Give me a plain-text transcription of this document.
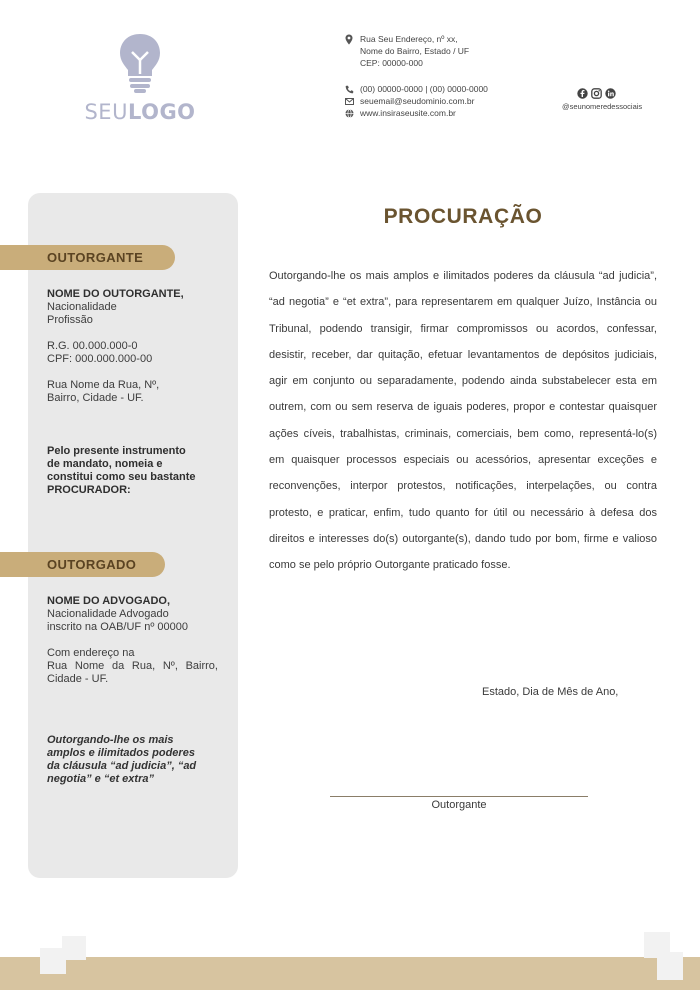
SEULOGO
Rua Seu Endereço, nº xx,
Nome do Bairro, Estado / UF
CEP: 00000-000
(00) 00000-0000 | (00) 0000-0000
seuemail@seudominio.com.br
www.insiraseusite.com.br
@seunomeredessociais
OUTORGANTE

NOME DO OUTORGANTE,

Nacionalidade

Profissão

R.G. 00.000.000-0

CPF: 000.000.000-00

Rua Nome da Rua, Nº,

Bairro, Cidade - UF.

Pelo presente instrumento

de mandato, nomeia e

constitui como seu bastante

PROCURADOR:

OUTORGADO

NOME DO ADVOGADO,

Nacionalidade Advogado

inscrito na OAB/UF nº 00000

Com endereço na

Rua Nome da Rua, Nº, Bairro,

Cidade - UF.

Outorgando-lhe os mais

amplos e ilimitados poderes

da cláusula “ad judicia”, “ad

negotia” e “et extra”

PROCURAÇÃO
Outorgando-lhe os mais amplos e ilimitados poderes da cláusula “ad judicia”, “ad negotia” e “et extra”, para representarem em qualquer Juízo, Instância ou Tribunal, podendo transigir, firmar compromissos ou acordos, confessar, desistir, receber, dar quitação, efetuar levantamentos de depósitos judiciais, agir em conjunto ou separadamente, podendo ainda substabelecer esta em outrem, com ou sem reserva de iguais poderes, propor e contestar quaisquer ações cíveis, trabalhistas, criminais, comerciais, bem como, representá-lo(s) em quaisquer processos especiais ou acessórios, apresentar exceções e reconvenções, interpor protestos, notificações, interpelações, ou contra protesto, e praticar, enfim, tudo quanto for útil ou necessário à defesa dos direitos e interesses do(s) outorgante(s), dando tudo por bom, firme e valioso como se pelo próprio Outorgante praticado fosse.
Estado, Dia de Mês de Ano,
Outorgante
